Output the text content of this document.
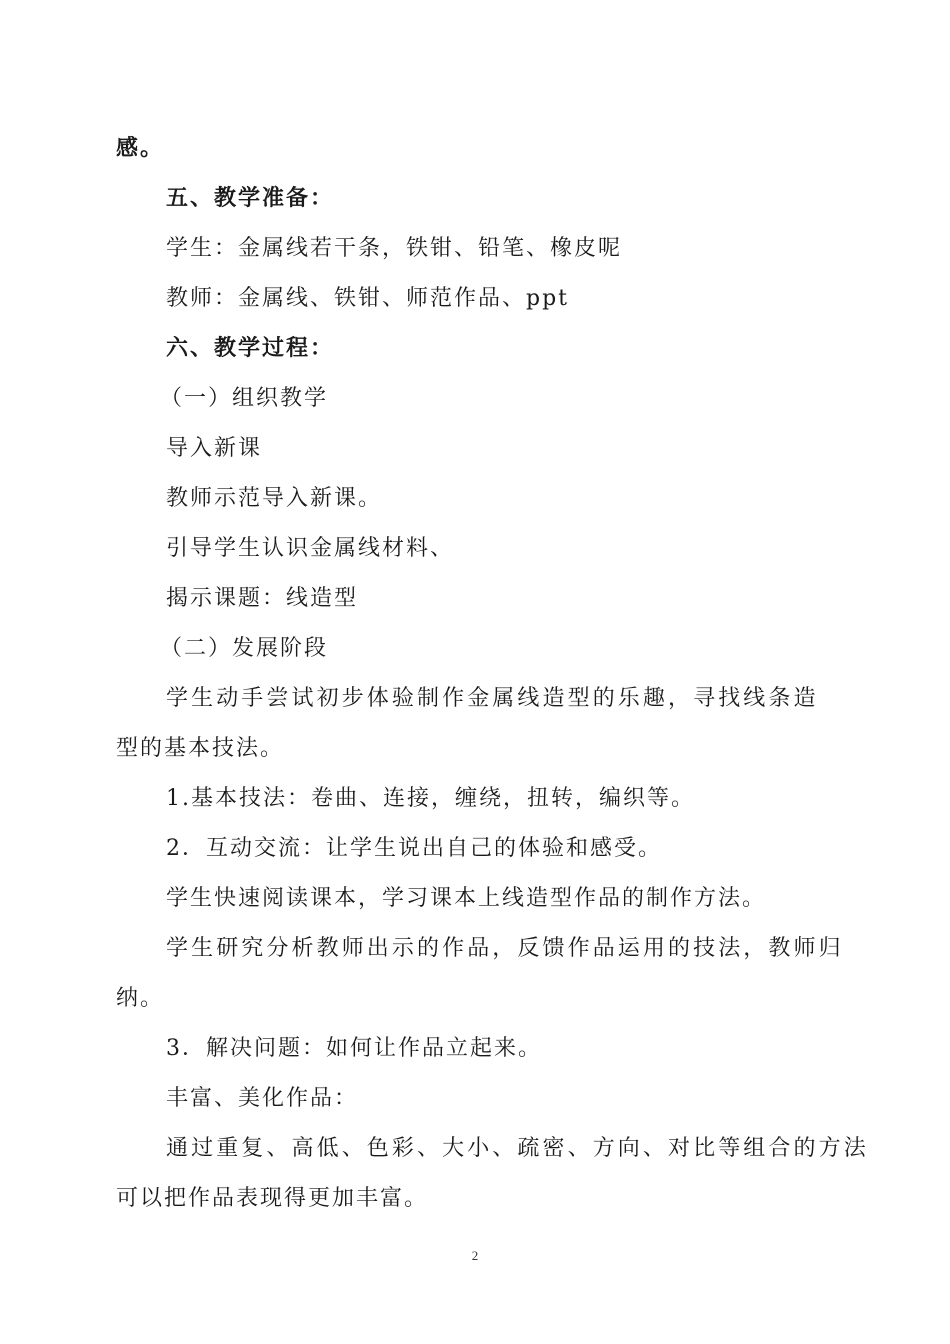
感。
五、教学准备：
学生：金属线若干条，铁钳、铅笔、橡皮呢
教师：金属线、铁钳、师范作品、ppt
六、教学过程：
（一）组织教学
导入新课
教师示范导入新课。
引导学生认识金属线材料、
揭示课题：线造型
（二）发展阶段
学生动手尝试初步体验制作金属线造型的乐趣，寻找线条造
型的基本技法。
1.基本技法：卷曲、连接，缠绕，扭转，编织等。
2．互动交流：让学生说出自己的体验和感受。
学生快速阅读课本，学习课本上线造型作品的制作方法。
学生研究分析教师出示的作品，反馈作品运用的技法，教师归
纳。
3．解决问题：如何让作品立起来。
丰富、美化作品：
通过重复、高低、色彩、大小、疏密、方向、对比等组合的方法
可以把作品表现得更加丰富。
2
